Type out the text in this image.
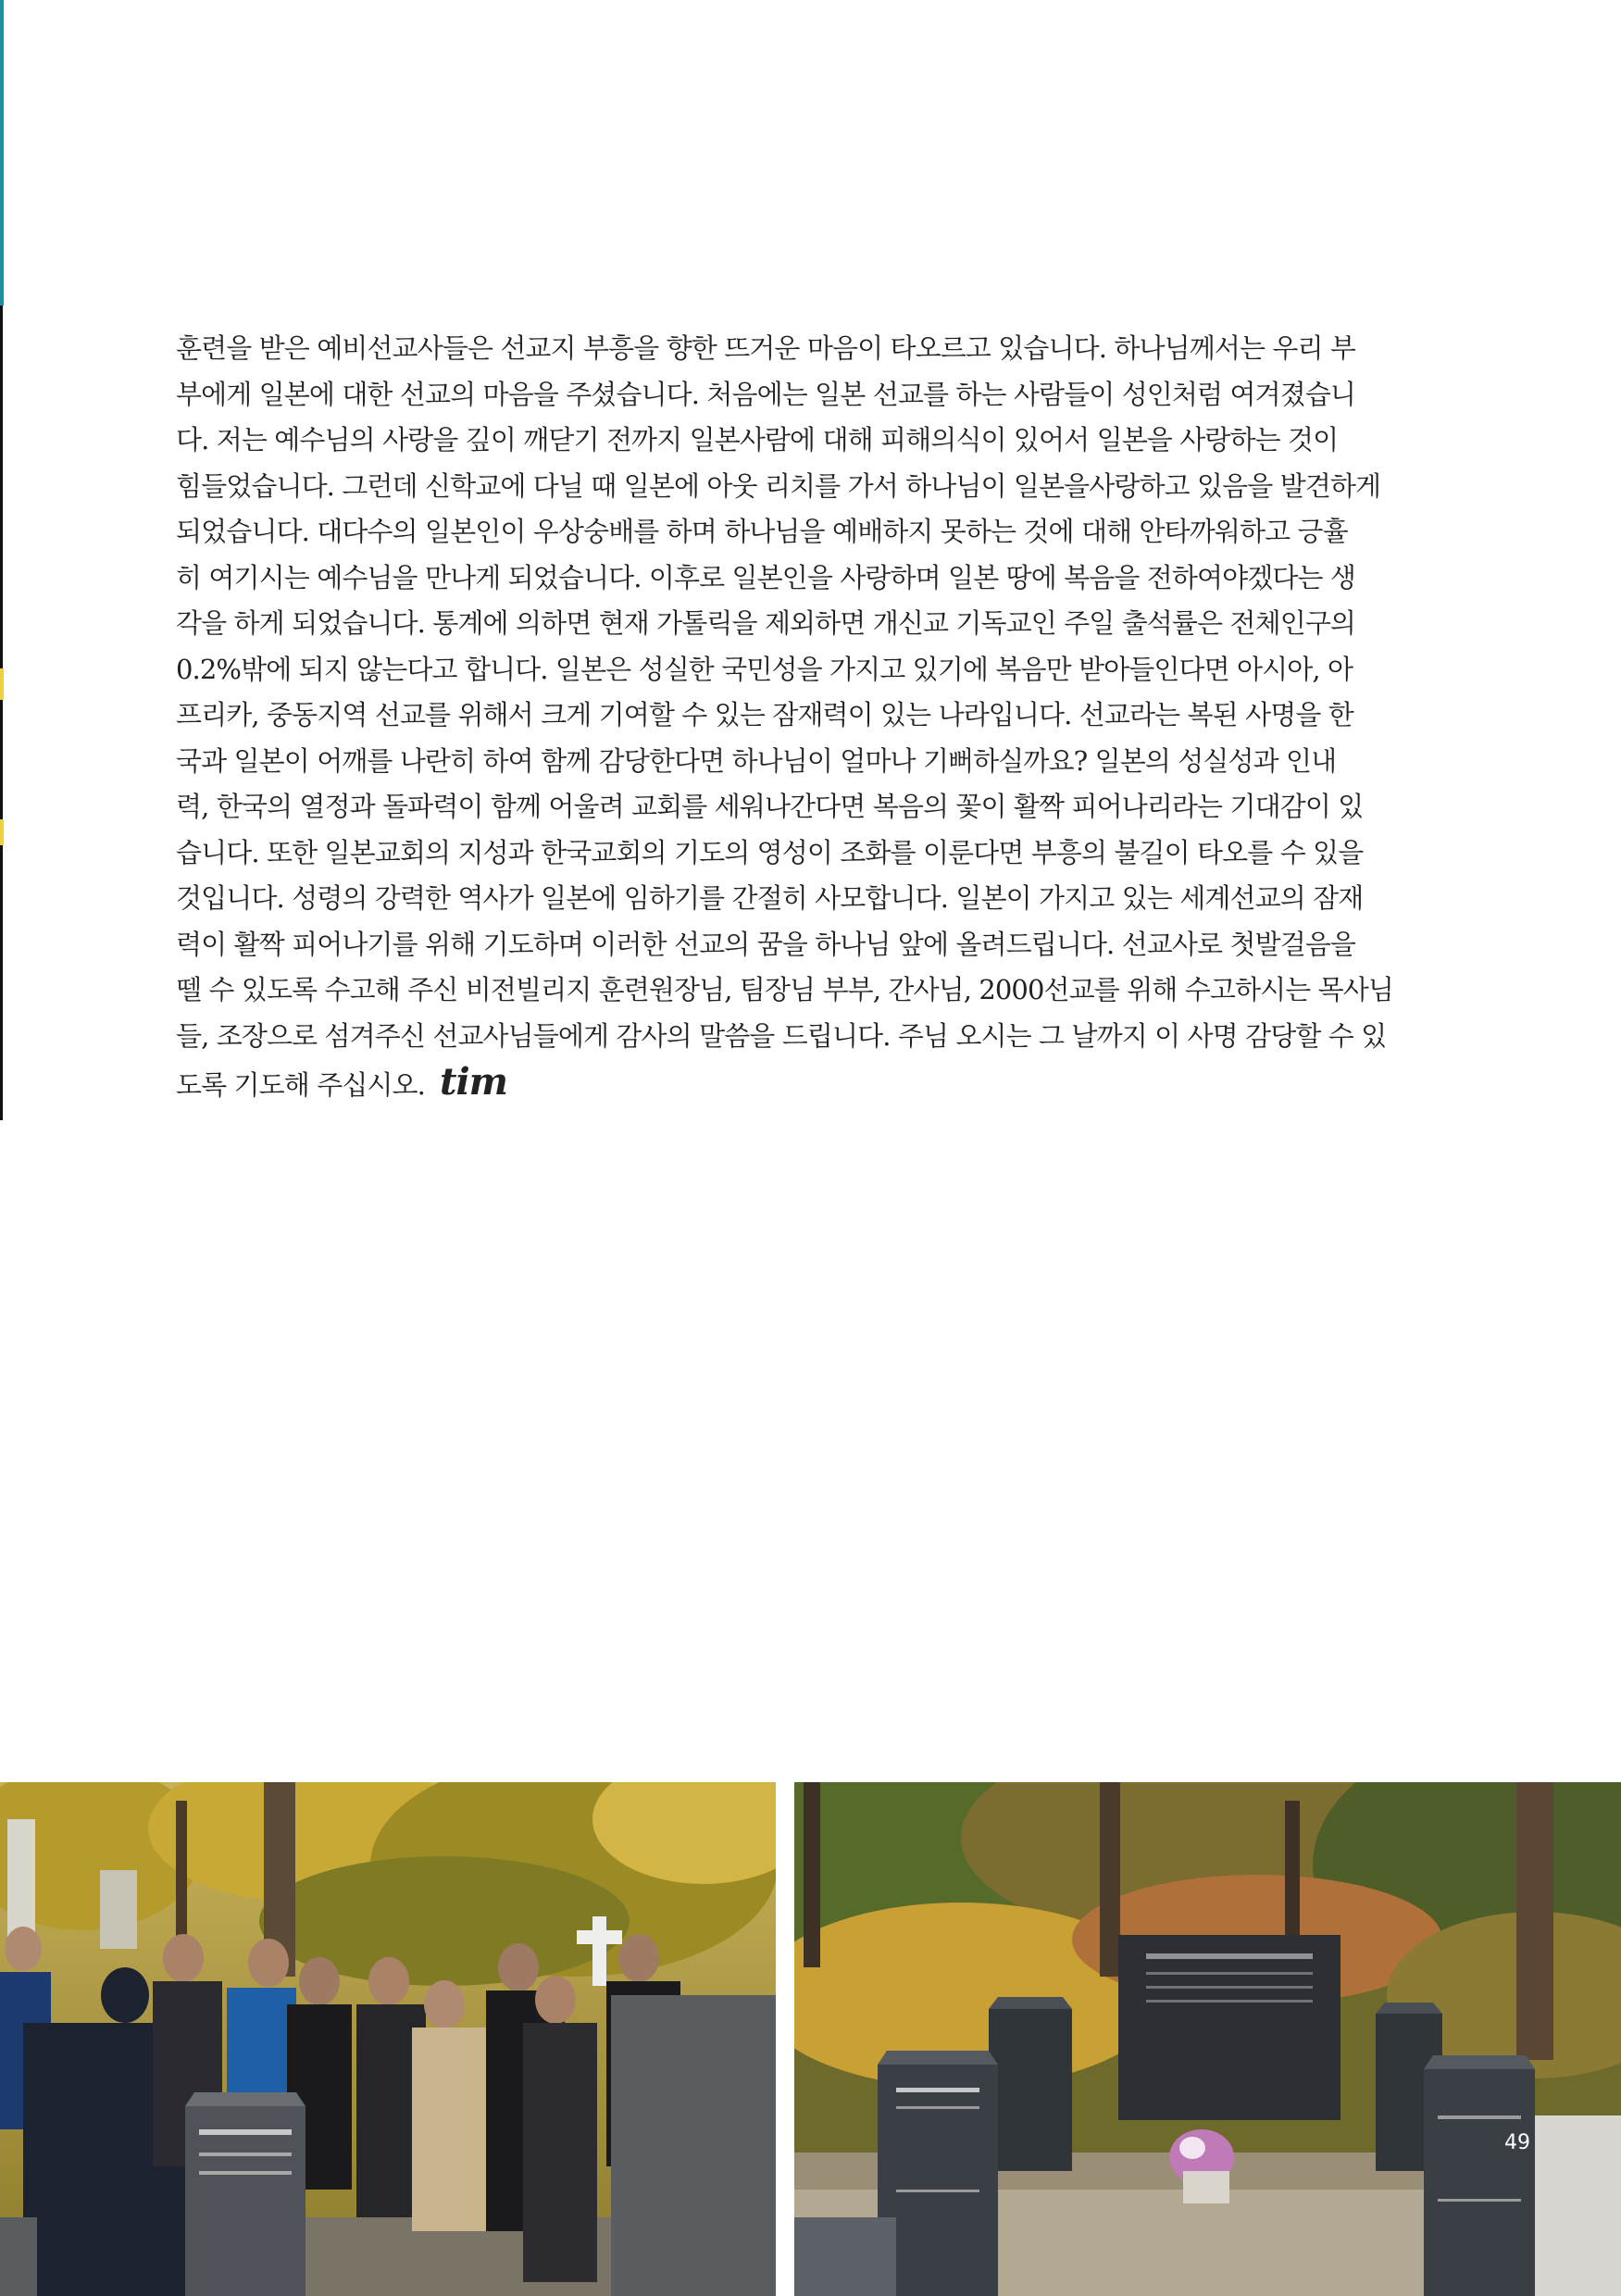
훈련을 받은 예비선교사들은 선교지 부흥을 향한 뜨거운 마음이 타오르고 있습니다. 하나님께서는 우리 부
부에게 일본에 대한 선교의 마음을 주셨습니다. 처음에는 일본 선교를 하는 사람들이 성인처럼 여겨졌습니
다. 저는 예수님의 사랑을 깊이 깨닫기 전까지 일본사람에 대해 피해의식이 있어서 일본을 사랑하는 것이
힘들었습니다. 그런데 신학교에 다닐 때 일본에 아웃 리치를 가서 하나님이 일본을사랑하고 있음을 발견하게
되었습니다. 대다수의 일본인이 우상숭배를 하며 하나님을 예배하지 못하는 것에 대해 안타까워하고 긍휼
히 여기시는 예수님을 만나게 되었습니다. 이후로 일본인을 사랑하며 일본 땅에 복음을 전하여야겠다는 생
각을 하게 되었습니다. 통계에 의하면 현재 가톨릭을 제외하면 개신교 기독교인 주일 출석률은 전체인구의
0.2%밖에 되지 않는다고 합니다. 일본은 성실한 국민성을 가지고 있기에 복음만 받아들인다면 아시아, 아
프리카, 중동지역 선교를 위해서 크게 기여할 수 있는 잠재력이 있는 나라입니다. 선교라는 복된 사명을 한
국과 일본이 어깨를 나란히 하여 함께 감당한다면 하나님이 얼마나 기뻐하실까요? 일본의 성실성과 인내
력, 한국의 열정과 돌파력이 함께 어울려 교회를 세워나간다면 복음의 꽃이 활짝 피어나리라는 기대감이 있
습니다. 또한 일본교회의 지성과 한국교회의 기도의 영성이 조화를 이룬다면 부흥의 불길이 타오를 수 있을
것입니다. 성령의 강력한 역사가 일본에 임하기를 간절히 사모합니다. 일본이 가지고 있는 세계선교의 잠재
력이 활짝 피어나기를 위해 기도하며 이러한 선교의 꿈을 하나님 앞에 올려드립니다. 선교사로 첫발걸음을
뗄 수 있도록 수고해 주신 비전빌리지 훈련원장님, 팀장님 부부, 간사님, 2000선교를 위해 수고하시는 목사님
들, 조장으로 섬겨주신 선교사님들에게 감사의 말씀을 드립니다. 주님 오시는 그 날까지 이 사명 감당할 수 있
도록 기도해 주십시오. tim
49
